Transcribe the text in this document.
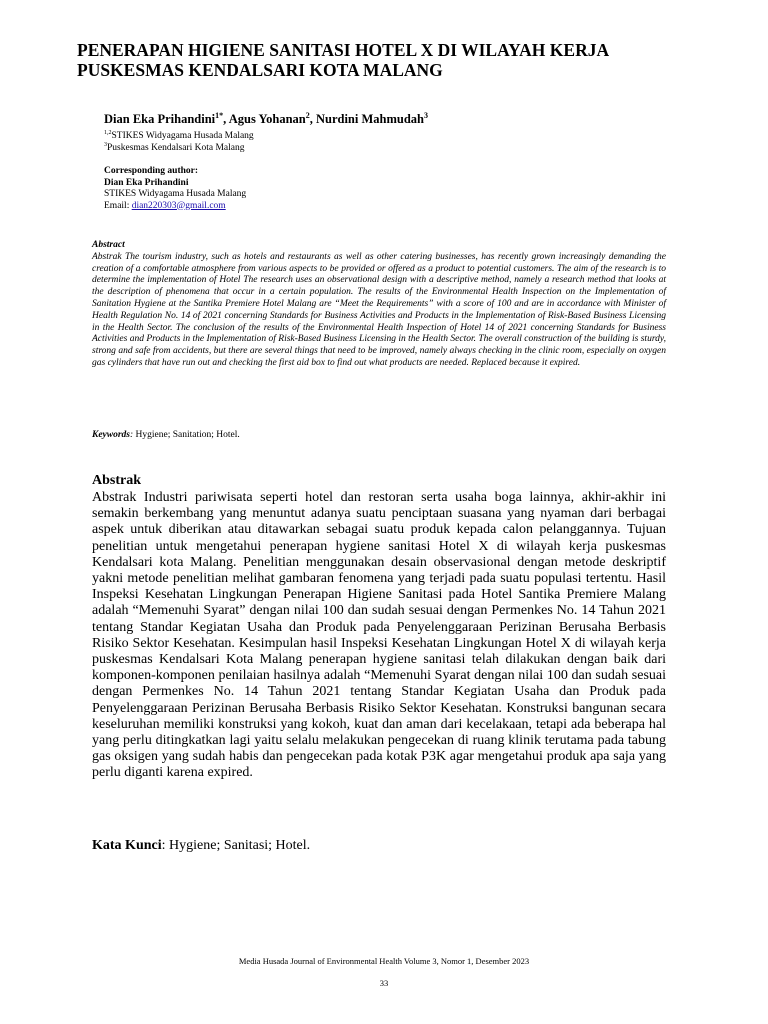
PENERAPAN HIGIENE SANITASI HOTEL X DI WILAYAH KERJA
PUSKESMAS KENDALSARI KOTA MALANG
Dian Eka Prihandini$^{1*}$, Agus Yohanan$^2$, Nurdini Mahmudah$^3$
$^{1,2}$STIKES Widyagama Husada Malang
$^3$Puskesmas Kendalsari Kota Malang
Corresponding author:
Dian Eka Prihandini
STIKES Widyagama Husada Malang
Email: dian220303@gmail.com
Abstract
Abstrak The tourism industry, such as hotels and restaurants as well as other catering businesses, has recently grown increasingly demanding the creation of a comfortable atmosphere from various aspects to be provided or offered as a product to potential customers. The aim of the research is to determine the implementation of Hotel The research uses an observational design with a descriptive method, namely a research method that looks at the description of phenomena that occur in a certain population. The results of the Environmental Health Inspection on the Implementation of Sanitation Hygiene at the Santika Premiere Hotel Malang are “Meet the Requirements” with a score of 100 and are in accordance with Minister of Health Regulation No. 14 of 2021 concerning Standards for Business Activities and Products in the Implementation of Risk-Based Business Licensing in the Health Sector. The conclusion of the results of the Environmental Health Inspection of Hotel 14 of 2021 concerning Standards for Business Activities and Products in the Implementation of Risk-Based Business Licensing in the Health Sector. The overall construction of the building is sturdy, strong and safe from accidents, but there are several things that need to be improved, namely always checking in the clinic room, especially on oxygen gas cylinders that have run out and checking the first aid box to find out what products are needed. Replaced because it expired.
Keywords: Hygiene; Sanitation; Hotel.
Abstrak
Abstrak Industri pariwisata seperti hotel dan restoran serta usaha boga lainnya, akhir-akhir ini semakin berkembang yang menuntut adanya suatu penciptaan suasana yang nyaman dari berbagai aspek untuk diberikan atau ditawarkan sebagai suatu produk kepada calon pelanggannya. Tujuan penelitian untuk mengetahui penerapan hygiene sanitasi Hotel X di wilayah kerja puskesmas Kendalsari kota Malang. Penelitian menggunakan desain observasional dengan metode deskriptif yakni metode penelitian melihat gambaran fenomena yang terjadi pada suatu populasi tertentu. Hasil Inspeksi Kesehatan Lingkungan Penerapan Higiene Sanitasi pada Hotel Santika Premiere Malang adalah “Memenuhi Syarat” dengan nilai 100 dan sudah sesuai dengan Permenkes No. 14 Tahun 2021 tentang Standar Kegiatan Usaha dan Produk pada Penyelenggaraan Perizinan Berusaha Berbasis Risiko Sektor Kesehatan. Kesimpulan hasil Inspeksi Kesehatan Lingkungan Hotel X di wilayah kerja puskesmas Kendalsari Kota Malang penerapan hygiene sanitasi telah dilakukan dengan baik dari komponen-komponen penilaian hasilnya adalah “Memenuhi Syarat dengan nilai 100 dan sudah sesuai dengan Permenkes No. 14 Tahun 2021 tentang Standar Kegiatan Usaha dan Produk pada Penyelenggaraan Perizinan Berusaha Berbasis Risiko Sektor Kesehatan. Konstruksi bangunan secara keseluruhan memiliki konstruksi yang kokoh, kuat dan aman dari kecelakaan, tetapi ada beberapa hal yang perlu ditingkatkan lagi yaitu selalu melakukan pengecekan di ruang klinik terutama pada tabung gas oksigen yang sudah habis dan pengecekan pada kotak P3K agar mengetahui produk apa saja yang perlu diganti karena expired.
Kata Kunci: Hygiene; Sanitasi; Hotel.
Media Husada Journal of Environmental Health Volume 3, Nomor 1, Desember 2023
33
